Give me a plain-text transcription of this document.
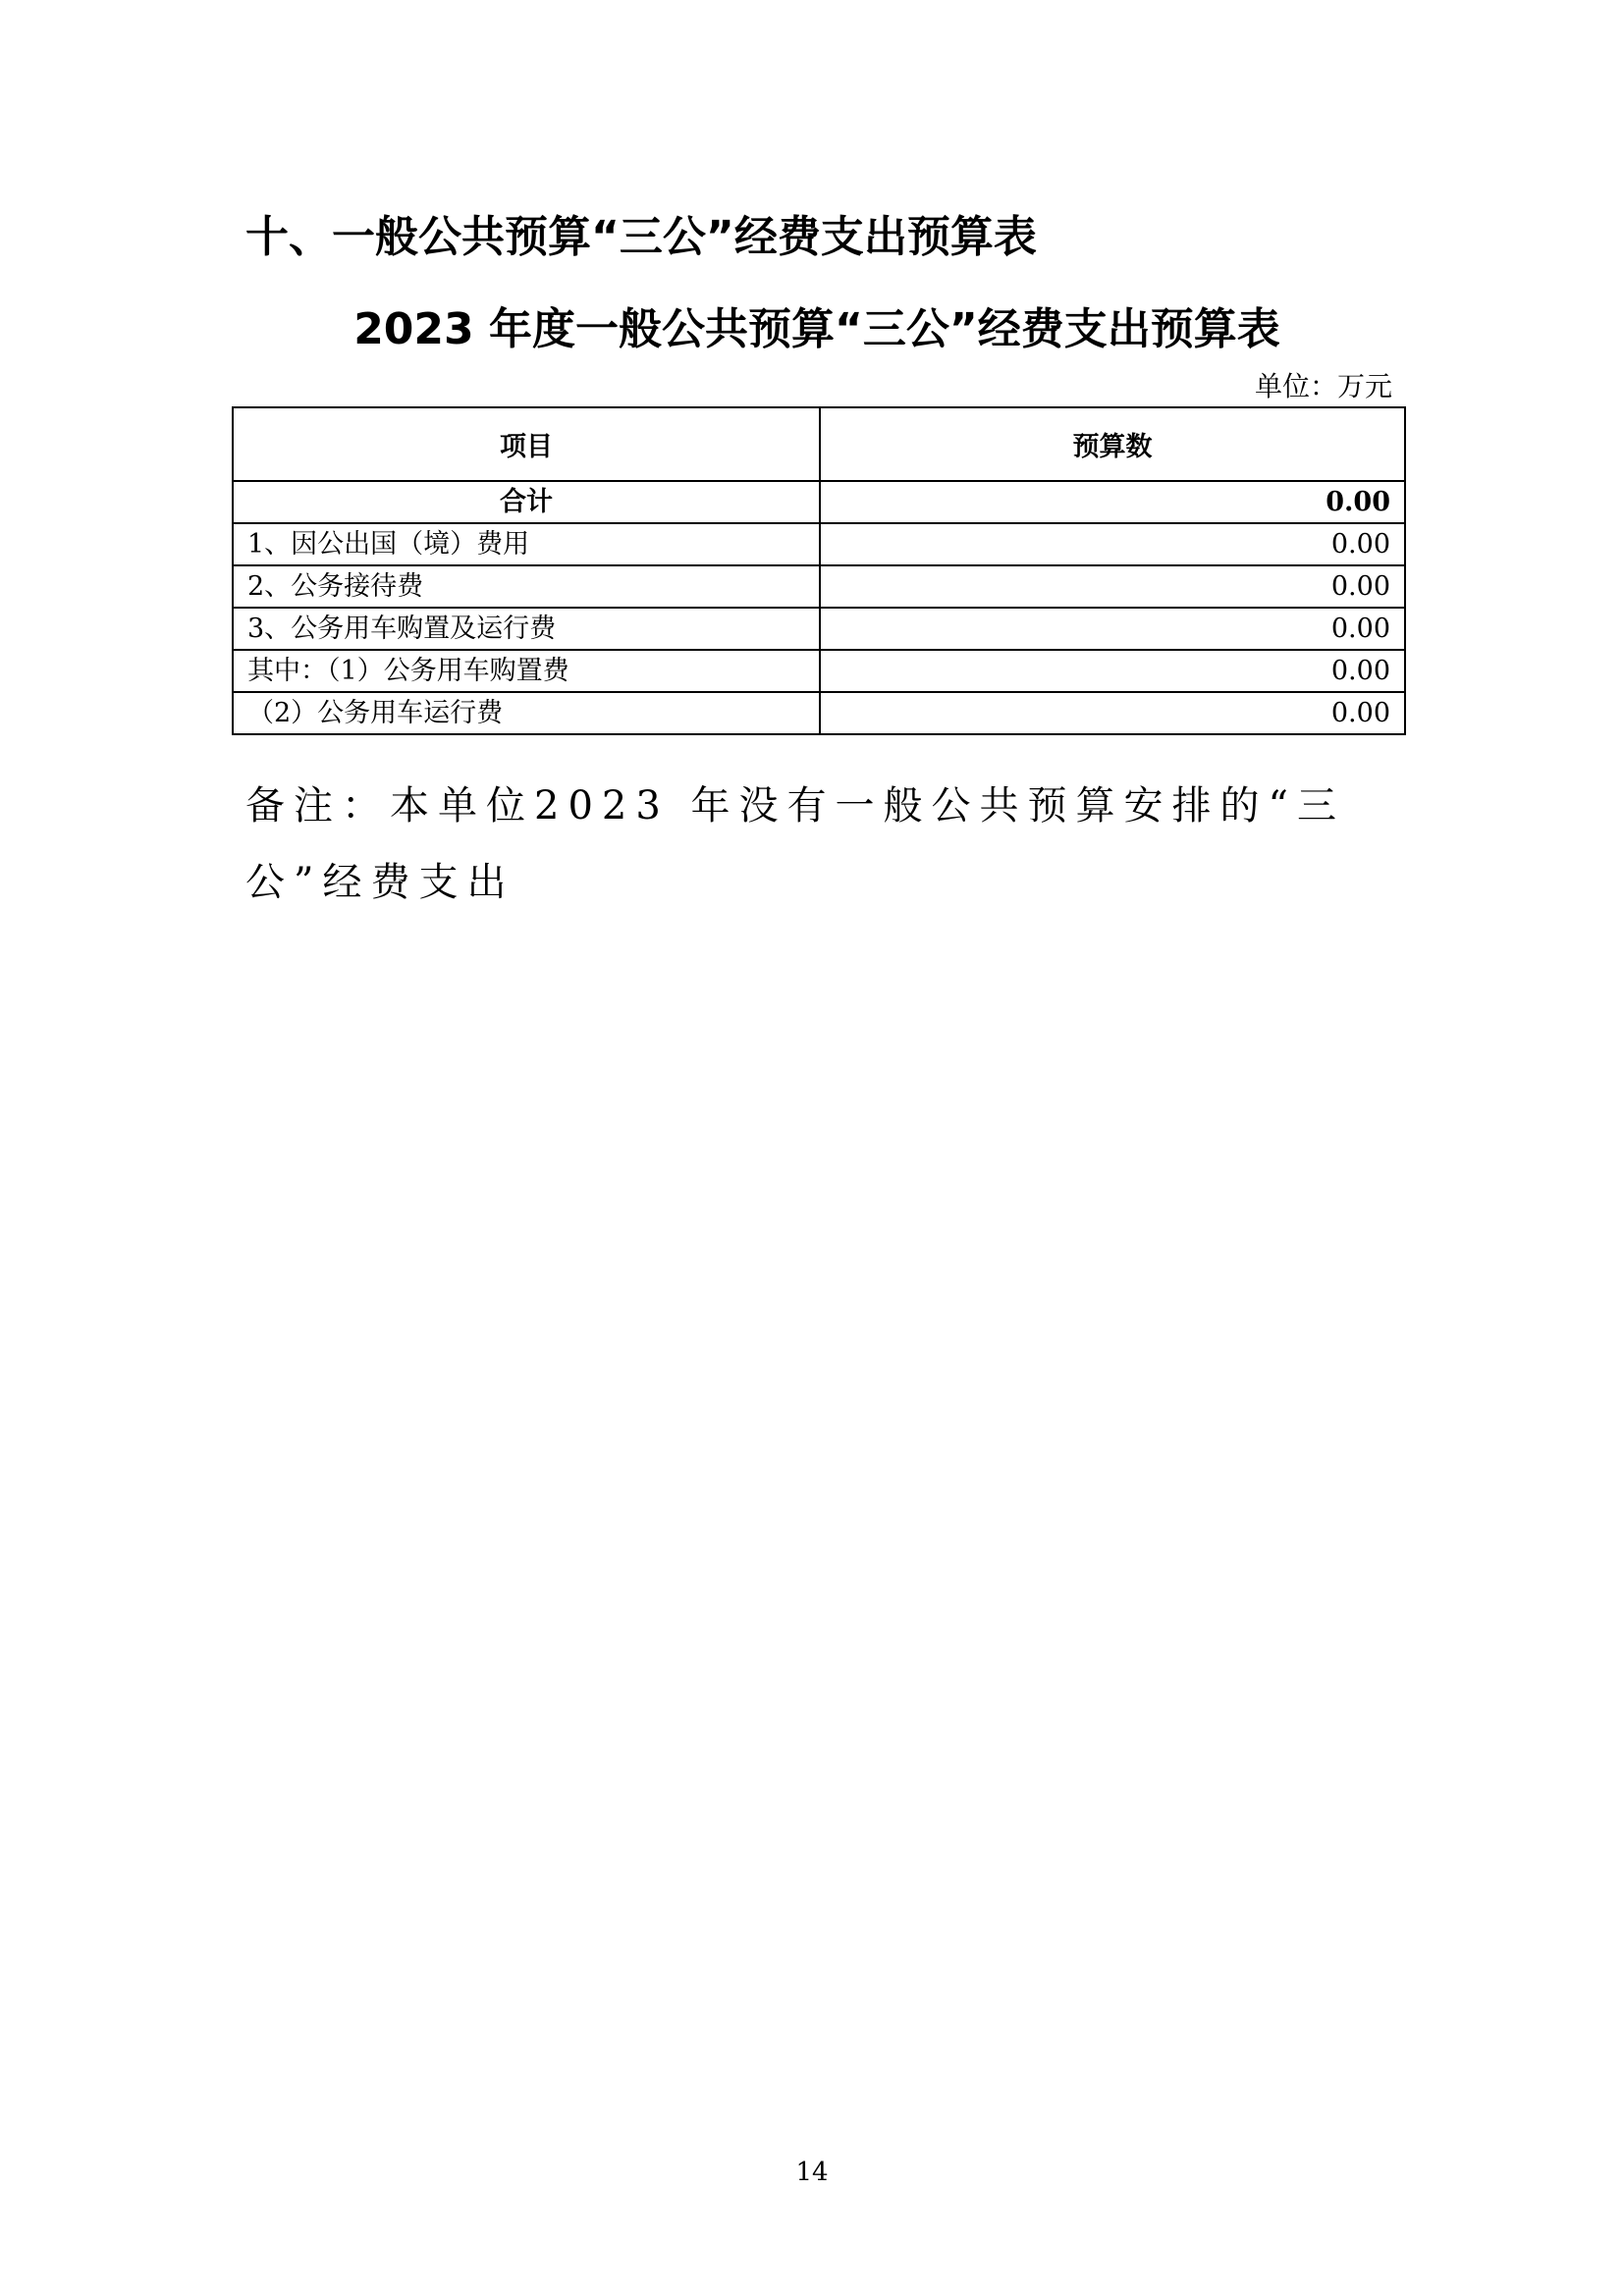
十、一般公共预算“三公”经费支出预算表
2023 年度一般公共预算“三公”经费支出预算表
单位：万元
项目	预算数
合计	0.00
1、因公出国（境）费用	0.00
2、公务接待费	0.00
3、公务用车购置及运行费	0.00
其中：（1）公务用车购置费	0.00
（2）公务用车运行费	0.00

备注：本单位2023 年没有一般公共预算安排的“三公”经费支出

14
